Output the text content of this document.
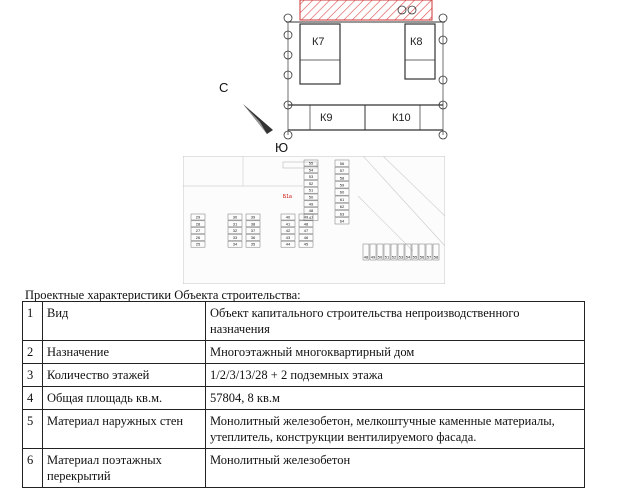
К7	К8
К9	К10
С
Ю
Б1а
29
28
27
26
25
30
31
32
33
34
39
38
37
36
35
40
41
42
43
44
49
48
47
46
45
55
54
53
52
51
50
49
48
47
56
57
58
59
60
61
62
63
64
48 49 50 51 52 53 54 55 56 57 58
Проектные характеристики Объекта строительства:
1	Вид	Объект капитального строительства непроизводственного назначения
2	Назначение	Многоэтажный многоквартирный дом
3	Количество этажей	1/2/3/13/28 + 2 подземных этажа
4	Общая площадь кв.м.	57804, 8 кв.м
5	Материал наружных стен	Монолитный железобетон, мелкоштучные каменные материалы, утеплитель, конструкции вентилируемого фасада.
6	Материал поэтажных перекрытий	Монолитный железобетон
